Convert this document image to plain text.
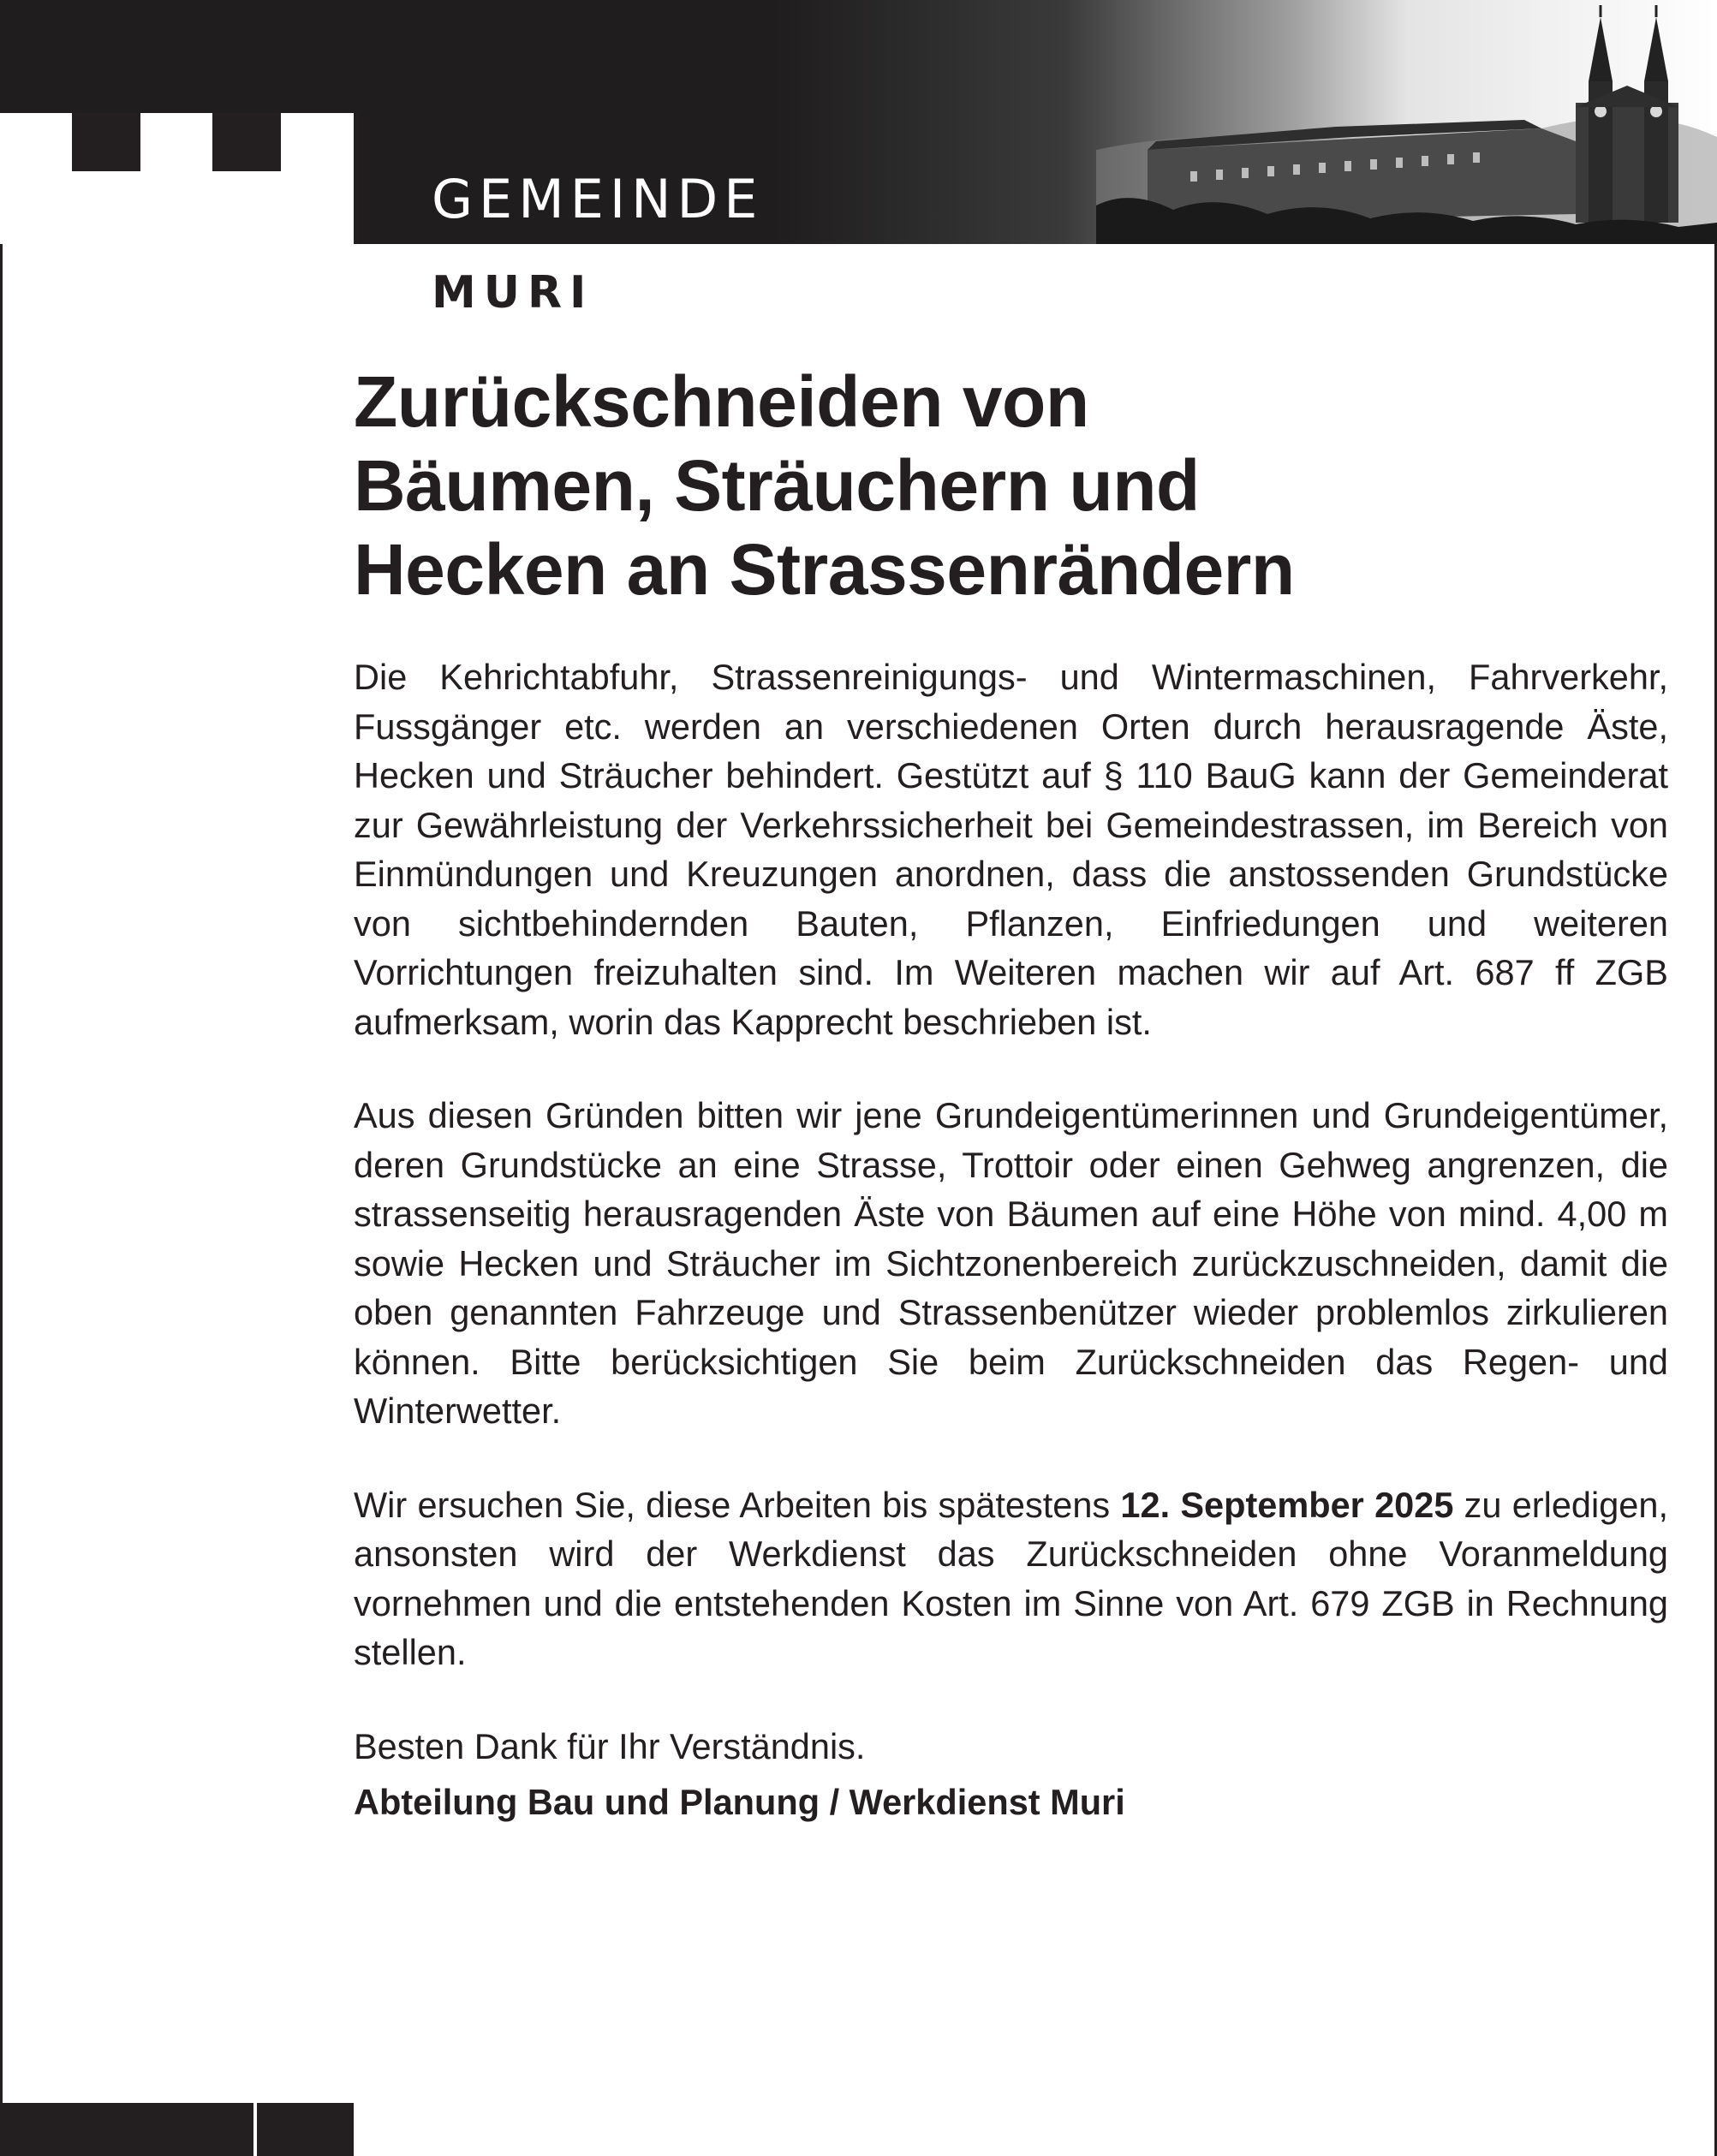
GEMEINDE
MURI
Zurückschneiden von
Bäumen, Sträuchern und
Hecken an Strassenrändern

Die Kehrichtabfuhr, Strassenreinigungs- und Wintermaschinen, Fahrverkehr, Fussgänger etc. werden an verschiedenen Orten durch herausragende Äste, Hecken und Sträucher behindert. Gestützt auf § 110 BauG kann der Gemeinderat zur Gewährleistung der Verkehrssicherheit bei Gemeindestrassen, im Bereich von Einmündungen und Kreuzungen anordnen, dass die anstossenden Grundstücke von sichtbehindernden Bauten, Pflanzen, Einfriedungen und weiteren Vorrichtungen freizuhalten sind. Im Weiteren machen wir auf Art. 687 ff ZGB aufmerksam, worin das Kapprecht beschrieben ist.

Aus diesen Gründen bitten wir jene Grundeigentümerinnen und Grundeigentümer, deren Grundstücke an eine Strasse, Trottoir oder einen Gehweg angrenzen, die strassenseitig herausragenden Äste von Bäumen auf eine Höhe von mind. 4,00 m sowie Hecken und Sträucher im Sichtzonenbereich zurückzuschneiden, damit die oben genannten Fahrzeuge und Strassenbenützer wieder problemlos zirkulieren können. Bitte berücksichtigen Sie beim Zurückschneiden das Regen- und Winterwetter.

Wir ersuchen Sie, diese Arbeiten bis spätestens 12. September 2025 zu erledigen, ansonsten wird der Werkdienst das Zurückschneiden ohne Voranmeldung vornehmen und die entstehenden Kosten im Sinne von Art. 679 ZGB in Rechnung stellen.

Besten Dank für Ihr Verständnis.
Abteilung Bau und Planung / Werkdienst Muri
